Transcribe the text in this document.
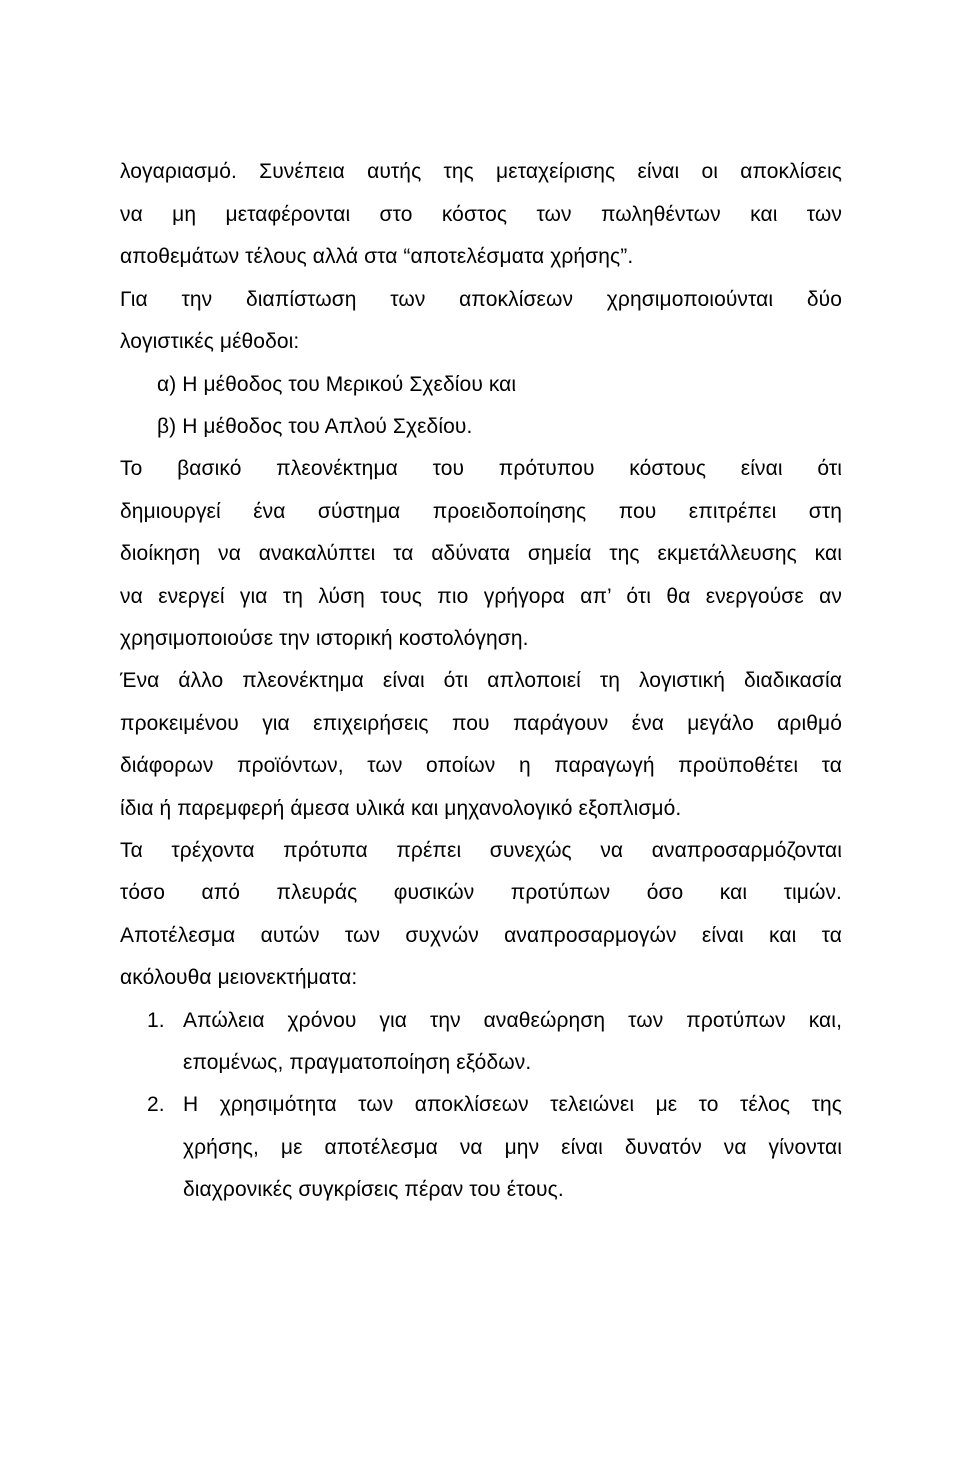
λογαριασμό. Συνέπεια αυτής της μεταχείρισης είναι οι αποκλίσεις
να μη μεταφέρονται στο κόστος των πωληθέντων και των
αποθεμάτων τέλους αλλά στα “αποτελέσματα χρήσης”.
Για την διαπίστωση των αποκλίσεων χρησιμοποιούνται δύο
λογιστικές μέθοδοι:
α) Η μέθοδος του Μερικού Σχεδίου και
β) Η μέθοδος του Απλού Σχεδίου.
Το βασικό πλεονέκτημα του πρότυπου κόστους είναι ότι
δημιουργεί ένα σύστημα προειδοποίησης που επιτρέπει στη
διοίκηση να ανακαλύπτει τα αδύνατα σημεία της εκμετάλλευσης και
να ενεργεί για τη λύση τους πιο γρήγορα απ’ ότι θα ενεργούσε αν
χρησιμοποιούσε την ιστορική κοστολόγηση.
Ένα άλλο πλεονέκτημα είναι ότι απλοποιεί τη λογιστική διαδικασία
προκειμένου για επιχειρήσεις που παράγουν ένα μεγάλο αριθμό
διάφορων προϊόντων, των οποίων η παραγωγή προϋποθέτει τα
ίδια ή παρεμφερή άμεσα υλικά και μηχανολογικό εξοπλισμό.
Τα τρέχοντα πρότυπα πρέπει συνεχώς να αναπροσαρμόζονται
τόσο από πλευράς φυσικών προτύπων όσο και τιμών.
Αποτέλεσμα αυτών των συχνών αναπροσαρμογών είναι και τα
ακόλουθα μειονεκτήματα:
1. Απώλεια χρόνου για την αναθεώρηση των προτύπων και,
επομένως, πραγματοποίηση εξόδων.
2. Η χρησιμότητα των αποκλίσεων τελειώνει με το τέλος της
χρήσης, με αποτέλεσμα να μην είναι δυνατόν να γίνονται
διαχρονικές συγκρίσεις πέραν του έτους.
